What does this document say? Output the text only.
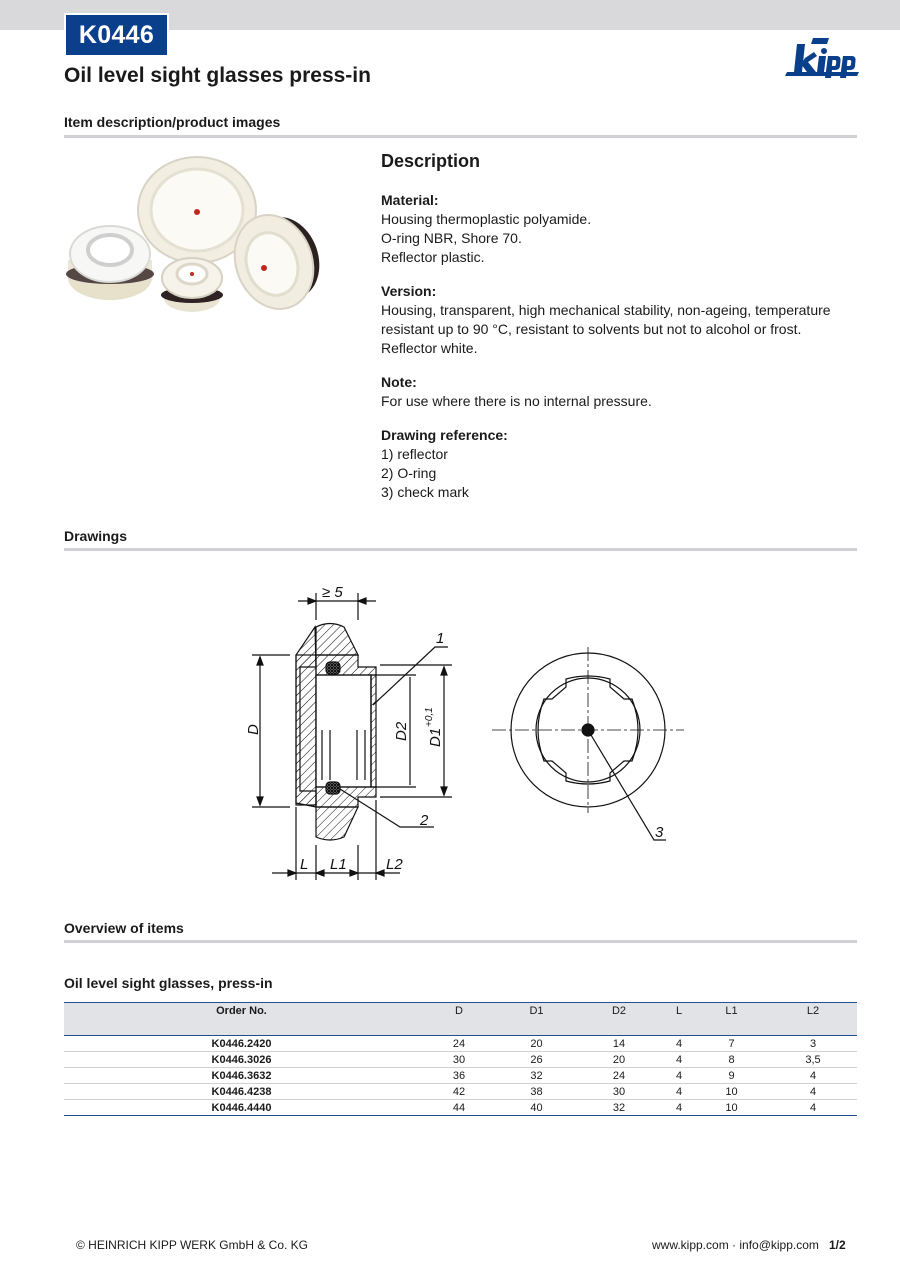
K0446
Oil level sight glasses press-in
Item description/product images
Description
Material:
Housing thermoplastic polyamide.
O-ring NBR, Shore 70.
Reflector plastic.
Version:
Housing, transparent, high mechanical stability, non-ageing, temperature resistant up to 90 °C, resistant to solvents but not to alcohol or frost.
Reflector white.
Note:
For use where there is no internal pressure.
Drawing reference:
1) reflector
2) O-ring
3) check mark
Drawings
≥ 5
D	D2 D1
+0,1
L L1	L2
1
2
3
Overview of items
Oil level sight glasses, press-in
Order No.	D	D1	D2	L	L1	L2
K0446.2420	24	20	14	4	7	3
K0446.3026	30	26	20	4	8	3,5
K0446.3632	36	32	24	4	9	4
K0446.4238	42	38	30	4	10	4
K0446.4440	44	40	32	4	10	4
© HEINRICH KIPP WERK GmbH & Co. KG	www.kipp.com · info@kipp.com 1/2
